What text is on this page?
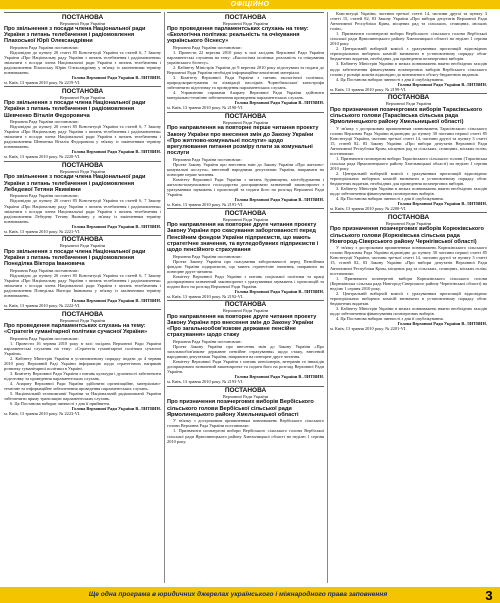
ОФІЦІЙНО

ПОСТАНОВА

Верховної Ради України

Про звільнення з посади члена Національної ради України з питань телебачення і радіомовлення Плахоської Юрії Олександрівни

Верховна Рада України постановляє:

Відповідно до пункту 20 статті 85 Конституції України та статей 6, 7 Закону України «Про Національну раду України з питань телебачення і радіомовлення» звільнити з посади члена Національної ради України з питань телебачення і радіомовлення Плахоську Юрію Олександрівну у зв'язку із закінченням терміну повноважень.

Голова Верховної Ради України В. ЛИТВИН.

м. Київ, 13 травня 2010 року. № 2219-VI.

ПОСТАНОВА

Верховної Ради України

Про звільнення з посади члена Національної ради України з питань телебачення і радіомовлення Шевченко Віталія Федоровича

Верховна Рада України постановляє:

Відповідно до пункту 20 статті 85 Конституції України та статей 6, 7 Закону України «Про Національну раду України з питань телебачення і радіомовлення» звільнити з посади члена Національної ради України з питань телебачення і радіомовлення Шевченка Віталія Федоровича у зв'язку із закінченням терміну повноважень.

Голова Верховної Ради України В. ЛИТВИН.

м. Київ, 13 травня 2010 року. № 2220-VI.

ПОСТАНОВА

Верховної Ради України

Про звільнення з посади члена Національної ради України з питань телебачення і радіомовлення Лебедевої Тетяни Якимівни

Верховна Рада України постановляє:

Відповідно до пункту 20 статті 85 Конституції України та статей 6, 7 Закону України «Про Національну раду України з питань телебачення і радіомовлення» звільнити з посади члена Національної ради України з питань телебачення і радіомовлення Лебедеву Тетяну Якимівну у зв'язку із закінченням терміну повноважень.

Голова Верховної Ради України В. ЛИТВИН.

м. Київ, 13 травня 2010 року. № 2221-VI.

ПОСТАНОВА

Верховної Ради України

Про звільнення з посади члена Національної ради України з питань телебачення і радіомовлення Понеділка Віктора Івановича

Верховна Рада України постановляє:

Відповідно до пункту 20 статті 85 Конституції України та статей 6, 7 Закону України «Про Національну раду України з питань телебачення і радіомовлення» звільнити з посади члена Національної ради України з питань телебачення і радіомовлення Понеділка Віктора Івановича у зв'язку із закінченням терміну повноважень.

Голова Верховної Ради України В. ЛИТВИН.

м. Київ, 13 травня 2010 року. № 2222-VI.

ПОСТАНОВА

Верховної Ради України

Про проведення парламентських слухань на тему: «Стратегія гуманітарної політики сучасної України»

Верховна Рада України постановляє:

1. Провести 16 червня 2010 року в залі засідань Верховної Ради України парламентські слухання на тему: «Стратегія гуманітарної політики сучасної України».

2. Кабінету Міністрів України в установленому порядку подати до 4 червня 2010 року Верховній Раді України інформацію щодо стратегічних напрямів розвитку гуманітарної політики в Україні.

3. Комітету Верховної Ради України з питань культури і духовності забезпечити підготовку та проведення парламентських слухань.

4. Апарату Верховної Ради України здійснити організаційне, матеріально-технічне та інформаційне забезпечення проведення парламентських слухань.

5. Національній телекомпанії України та Національній радіокомпанії України забезпечити пряму трансляцію парламентських слухань.

6. Ця Постанова набирає чинності з дня її прийняття.

Голова Верховної Ради України В. ЛИТВИН.

м. Київ, 13 травня 2010 року. № 2223-VI.

ПОСТАНОВА

Верховної Ради України

Про проведення парламентських слухань на тему: «Екологічна політика: реальність та очікування українського біснесу»

Верховна Рада України постановляє:

1. Провести 22 вересня 2010 року в залі засідань Верховної Ради України парламентські слухання на тему: «Екологічна політика: реальність та очікування українського біснесу».

2. Кабінету Міністрів України до 9 вересня 2010 року підготувати та подати до Верховної Ради України необхідні інформаційно-аналітичні матеріали.

3. Комітету Верховної Ради України з питань екологічної політики, природокористування та ліквідації наслідків Чорнобильської катастрофи забезпечити підготовку та проведення парламентських слухань.

4. Управлінню справами Апарату Верховної Ради України здійснити матеріально-технічне забезпечення проведення парламентських слухань.

Голова Верховної Ради України В. ЛИТВИН.

м. Київ, 13 травня 2010 року. № 2190-VI.

ПОСТАНОВА

Верховної Ради України

Про направлення на повторне перше читання проекту Закону України про внесення змін до Закону України «Про житлово-комунальні послуги» щодо врегулювання питання розміру плати за комунальні послуги

Верховна Рада України постановляє:

Проект Закону України про внесення змін до Закону України «Про житлово-комунальні послуги», внесений народними депутатами України, направити на повторне перше читання.

Комітету Верховної Ради України з питань будівництва, містобудування і житлово-комунального господарства доопрацювати зазначений законопроект з урахуванням зауважень і пропозицій та подати його на розгляд Верховної Ради України.

Голова Верховної Ради України В. ЛИТВИН.

м. Київ, 13 травня 2010 року. № 2191-VI.

ПОСТАНОВА

Верховної Ради України

Про направлення на повторне друге читання проекту Закону України про скасування заборгованості перед Пенсійним фондом України підприємств, що мають стратегічне значення, та вугледобувних підприємств і щодо пенсійного страхування

Верховна Рада України постановляє:

Проект Закону України про скасування заборгованості перед Пенсійним фондом України підприємств, що мають стратегічне значення, направити на повторне друге читання.

Комітету Верховної Ради України з питань соціальної політики та праці доопрацювати зазначений законопроект з урахуванням зауважень і пропозицій та подати його на розгляд Верховної Ради України.

Голова Верховної Ради України В. ЛИТВИН.

м. Київ, 13 травня 2010 року. № 2192-VI.

ПОСТАНОВА

Верховної Ради України

Про направлення на повторне друге читання проекту Закону України про внесення змін до Закону України «Про загальнообов'язкове державне пенсійне страхування» щодо стажу

Верховна Рада України постановляє:

Проект Закону України про внесення змін до Закону України «Про загальнообов'язкове державне пенсійне страхування» щодо стажу, внесений народними депутатами України, направити на повторне друге читання.

Комітету Верховної Ради України з питань пенсіонерів, ветеранів та інвалідів доопрацювати зазначений законопроект та подати його на розгляд Верховної Ради України.

Голова Верховної Ради України В. ЛИТВИН.

м. Київ, 13 травня 2010 року. № 2193-VI.

ПОСТАНОВА

Верховної Ради України

Про призначення позачергових виборів Вербіського сільського голови Вербіської сільської ради Ярмолинецького району Хмельницької області

У зв'язку з достроковим припиненням повноважень Вербіського сільського голови Верховна Рада України постановляє:

1. Призначити позачергові вибори Вербіського сільського голови Вербіської сільської ради Ярмолинецького району Хмельницької області на неділю 1 серпня 2010 року.

Конституції України, частини третьої статті 14, частини другої та пункту 3 статті 15, статей 82, 83 Закону України «Про вибори депутатів Верховної Ради Автономної Республіки Крим, місцевих рад та сільських, селищних, міських голів».

1. Призначити позачергові вибори Вербіського сільського голови Вербіської сільської ради Ярмолинецького району Хмельницької області на неділю 1 серпня 2010 року.

2. Центральній виборчій комісії з урахуванням пропозицій відповідних територіальних виборчих комісій визначити в установленому порядку обсяг бюджетних видатків, необхідних для проведення позачергових виборів.

3. Кабінету Міністрів України в межах повноважень вжити необхідних заходів щодо забезпечення фінансування позачергових виборів Вербіського сільського голови у розмірі коштів відповідно до визначеного обсягу бюджетних видатків.

4. Ця Постанова набирає чинності з дня її опублікування.

Голова Верховної Ради України В. ЛИТВИН.

м. Київ, 13 травня 2010 року. № 2199-VI.

ПОСТАНОВА

Верховної Ради України

Про призначення позачергових виборів Тарасівського сільського голови (Тарасівська сільська рада Ярмолинецького району Хмельницької області)

У зв'язку з достроковим припиненням повноважень Тарасівського сільського голови Верховна Рада України відповідно до пункту 30 частини першої статті 85 Конституції України, частини третьої статті 14, частини другої та пункту 3 статті 15, статей 82, 83 Закону України «Про вибори депутатів Верховної Ради Автономної Республіки Крим, місцевих рад та сільських, селищних, міських голів» постановляє:

1. Призначити позачергові вибори Тарасівського сільського голови (Тарасівська сільська рада Ярмолинецького району Хмельницької області) на неділю 1 серпня 2010 року.

2. Центральній виборчій комісії з урахуванням пропозицій відповідних територіальних виборчих комісій визначити в установленому порядку обсяг бюджетних видатків, необхідних для проведення позачергових виборів.

3. Кабінету Міністрів України в межах повноважень вжити необхідних заходів щодо забезпечення фінансування позачергових виборів.

4. Ця Постанова набирає чинності з дня її опублікування.

Голова Верховної Ради України В. ЛИТВИН.

м. Київ, 13 травня 2010 року. № 2200-VI.

ПОСТАНОВА

Верховної Ради України

Про призначення позачергових виборів Корюківського сільського голови (Корюківська сільська рада Новгород-Сіверського району Чернігівської області)

У зв'язку з достроковим припиненням повноважень Корюківського сільського голови Верховна Рада України відповідно до пункту 30 частини першої статті 85 Конституції України, частини третьої статті 14, частини другої та пункту 3 статті 15, статей 82, 83 Закону України «Про вибори депутатів Верховної Ради Автономної Республіки Крим, місцевих рад та сільських, селищних, міських голів» постановляє:

1. Призначити позачергові вибори Корюківського сільського голови (Корюківська сільська рада Новгород-Сіверського району Чернігівської області) на неділю 1 серпня 2010 року.

2. Центральній виборчій комісії з урахуванням пропозицій відповідних територіальних виборчих комісій визначити в установленому порядку обсяг бюджетних видатків.

3. Кабінету Міністрів України в межах повноважень вжити необхідних заходів щодо забезпечення фінансування позачергових виборів.

4. Ця Постанова набирає чинності з дня її опублікування.

Голова Верховної Ради України В. ЛИТВИН.

м. Київ, 13 травня 2010 року. № 2201-VI.

Ще одна програма в юридичних джерелах українського і міжнародного права заповнення	3
